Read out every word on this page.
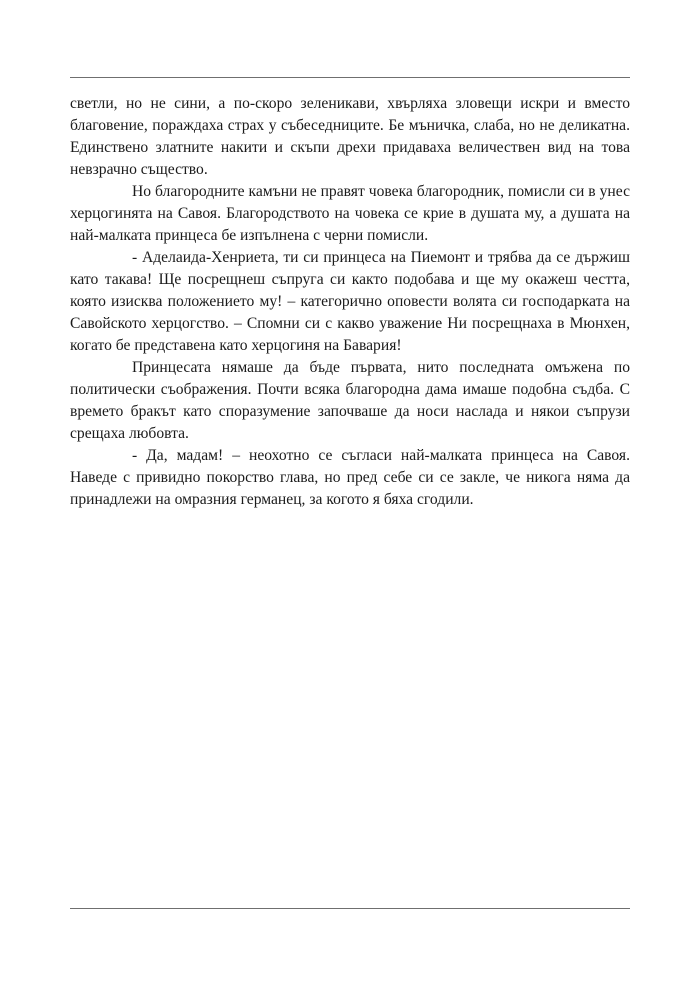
светли, но не сини, а по-скоро зеленикави, хвърляха зловещи искри и вместо благовение, пораждаха страх у събеседниците. Бе мъничка, слаба, но не деликатна. Единствено златните накити и скъпи дрехи придаваха величествен вид на това невзрачно същество.

Но благородните камъни не правят човека благородник, помисли си в унес херцогинята на Савоя. Благородството на човека се крие в душата му, а душата на най-малката принцеса бе изпълнена с черни помисли.

- Аделаида-Хенриета, ти си принцеса на Пиемонт и трябва да се държиш като такава! Ще посрещнеш съпруга си както подобава и ще му окажеш честта, която изисква положението му! – категорично оповести волята си господарката на Савойското херцогство. – Спомни си с какво уважение Ни посрещнаха в Мюнхен, когато бе представена като херцогиня на Бавария!

Принцесата нямаше да бъде първата, нито последната омъжена по политически съображения. Почти всяка благородна дама имаше подобна съдба. С времето бракът като споразумение започваше да носи наслада и някои съпрузи срещаха любовта.

- Да, мадам! – неохотно се съгласи най-малката принцеса на Савоя. Наведе с привидно покорство глава, но пред себе си се закле, че никога няма да принадлежи на омразния германец, за когото я бяха сгодили.
